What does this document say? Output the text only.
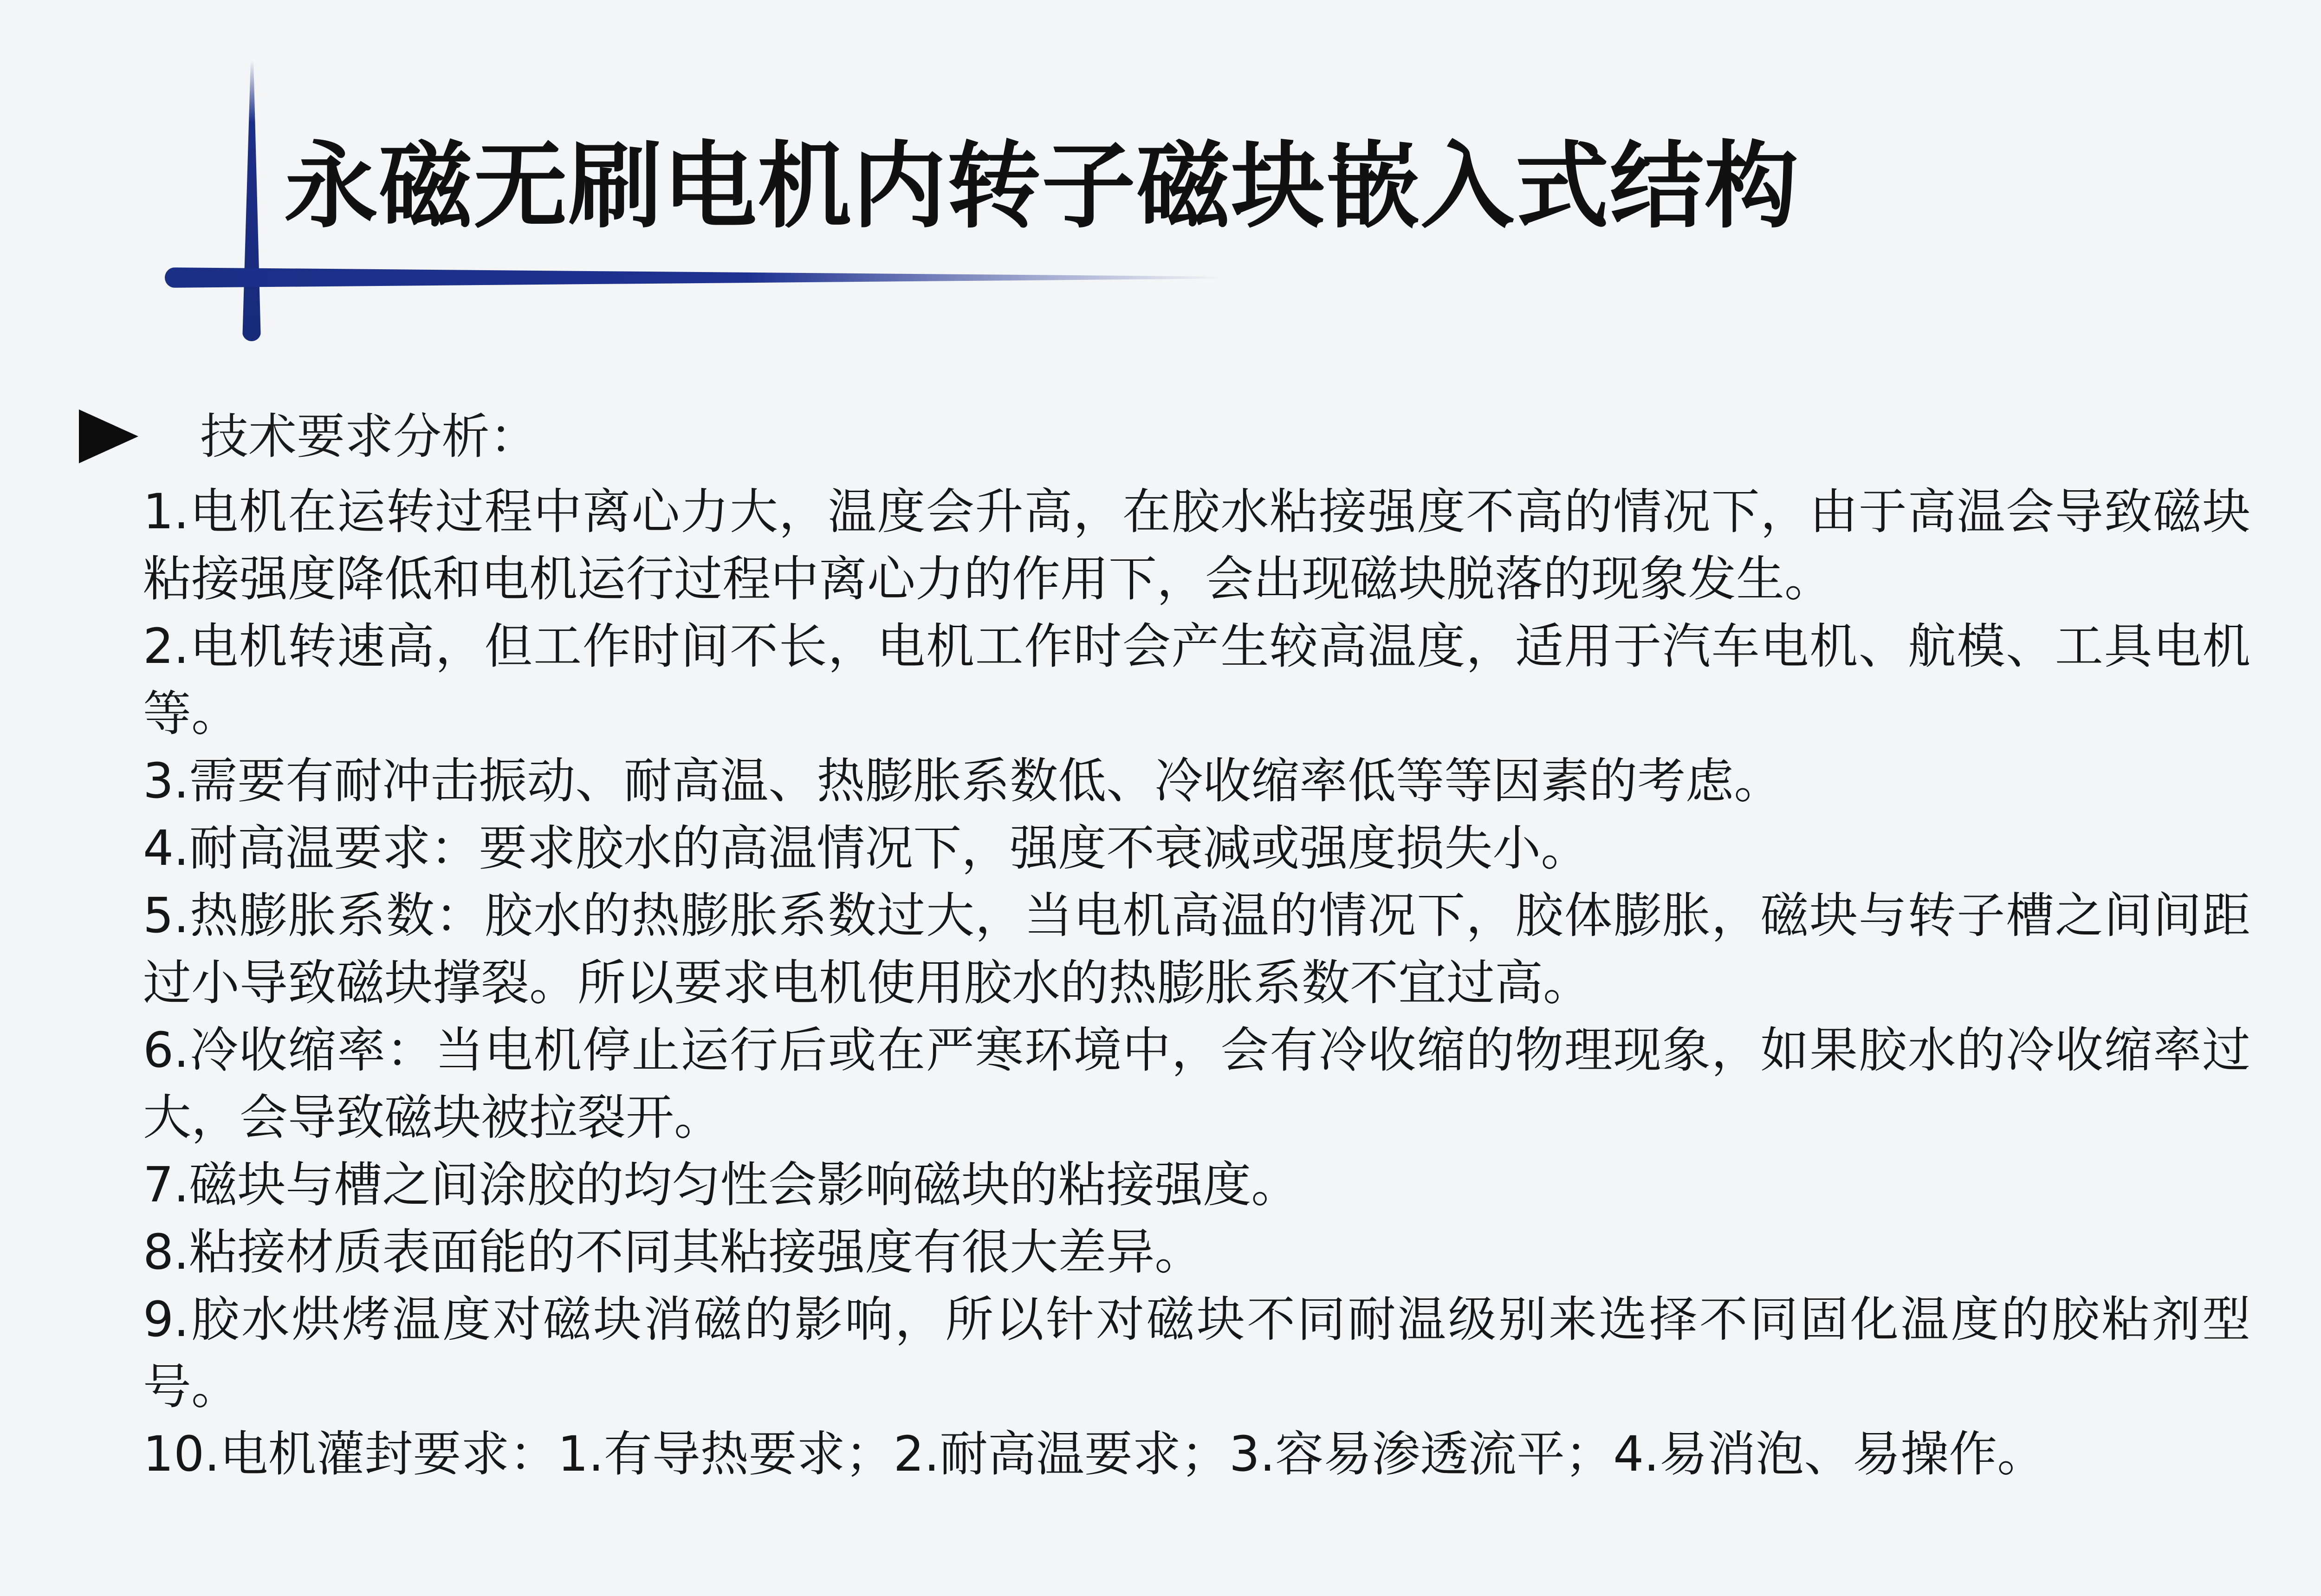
永磁无刷电机内转子磁块嵌入式结构
技术要求分析：
1.电机在运转过程中离心力大，温度会升高，在胶水粘接强度不高的情况下，由于高温会导致磁块粘接强度降低和电机运行过程中离心力的作用下，会出现磁块脱落的现象发生。
2.电机转速高，但工作时间不长，电机工作时会产生较高温度，适用于汽车电机、航模、工具电机等。
3.需要有耐冲击振动、耐高温、热膨胀系数低、冷收缩率低等等因素的考虑。
4.耐高温要求：要求胶水的高温情况下，强度不衰减或强度损失小。
5.热膨胀系数：胶水的热膨胀系数过大，当电机高温的情况下，胶体膨胀，磁块与转子槽之间间距过小导致磁块撑裂。所以要求电机使用胶水的热膨胀系数不宜过高。
6.冷收缩率：当电机停止运行后或在严寒环境中，会有冷收缩的物理现象，如果胶水的冷收缩率过大，会导致磁块被拉裂开。
7.磁块与槽之间涂胶的均匀性会影响磁块的粘接强度。
8.粘接材质表面能的不同其粘接强度有很大差异。
9.胶水烘烤温度对磁块消磁的影响，所以针对磁块不同耐温级别来选择不同固化温度的胶粘剂型号。
10.电机灌封要求：1.有导热要求；2.耐高温要求；3.容易渗透流平；4.易消泡、易操作。
